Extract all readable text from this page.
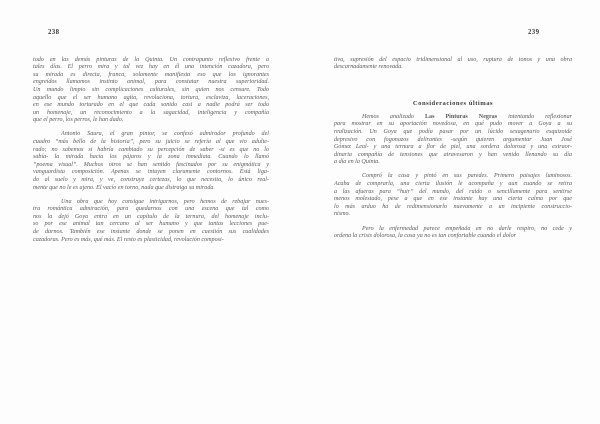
238
todo en las demás pinturas de la Quinta. Un contrapunto reflexivo frente a
tales días. El perro mira y tal vez hay en él una intención cazadora, pero
su mirada es directa, franca, solamente manifiesta eso que los ignorantes
engreídos llamamos instinto animal, para constatar nuestra superioridad.
Un mundo limpio sin complicaciones culturales, sin quien nos censure. Todo
aquello que el ser humano agita, revoluciona, tortura, esclaviza, laceraciones,
en ese mundo torturado en el que cada sonido casi a nadie podrá ser todo
un homenaje, un reconocimiento a la sagacidad, inteligencia y compañía
que el perro, los perros, le han dado.
Antonio Saura, el gran pintor, se confesó admirador profundo del
cuadro “más bello de la historia”, pero su juicio se refería al que vio adulte-
rado; no sabemos si habría cambiado su percepción de saber -si es que no lo
sabía- la mirada hacia los pájaros y la zona inmediata. Cuando lo llamó
“poema visual”. Muchos otros se han sentido fascinados por su enigmática y
vanguardista composición. Apenas se intuyen claramente contornos. Está liga-
do al suelo y mira, y ve, construye certezas, lo que necesita, lo único real-
mente que no le es ajeno. El vacío en torno, nada que distraiga su mirada.
Una obra que hoy consigue intrigarnos, pero hemos de rebajar nues-
tra romántica admiración, para quedarnos con una escena que tal como
nos la dejó Goya entra en un capítulo de la ternura, del homenaje inclu-
so por ese animal tan cercano al ser humano y que tantas lecciones pue-
de darnos. También ese instante donde se ponen en cuestión sus cualidades
cazadoras. Pero es más, qué más. El resto es plasticidad, revolución composi-
239
tiva, supresión del espacio tridimensional al uso, ruptura de tonos y una obra
descarnadamente renovada.
Consideraciones últimas
Hemos analizado Las Pinturas Negras intentando reflexionar
para mostrar en su aportación novedosa, en qué pudo mover a Goya a su
realización. Un Goya que podía pasar por un lúcido sexagenario esquizoide
depresivo con fogonazos delirantes -según quieren argumentar Juan José
Gómez Leal- y una ternura a flor de piel, una sordera dolorosa y una extraor-
dinaria compañía de tensiones que atravesaron y han venido llenando su día
a día en la Quinta.
Compró la casa y pintó en sus paredes. Primero paisajes luminosos.
Acaba de comprarla, una cierta ilusión le acompaña y aun cuando se retira
a las afueras para “huir” del mundo, del ruido o sencillamente para sentirse
menos molestado, pese a que en ese instante hay una cierta calma por que
lo más arduo ha de redimensionarlo nuevamente a un incipiente construccio-
nismo.
Pero la enfermedad parece empeñada en no darle respiro, no cede y
ordena la crisis dolorosa, la casa ya no es tan confortable cuando el dolor
